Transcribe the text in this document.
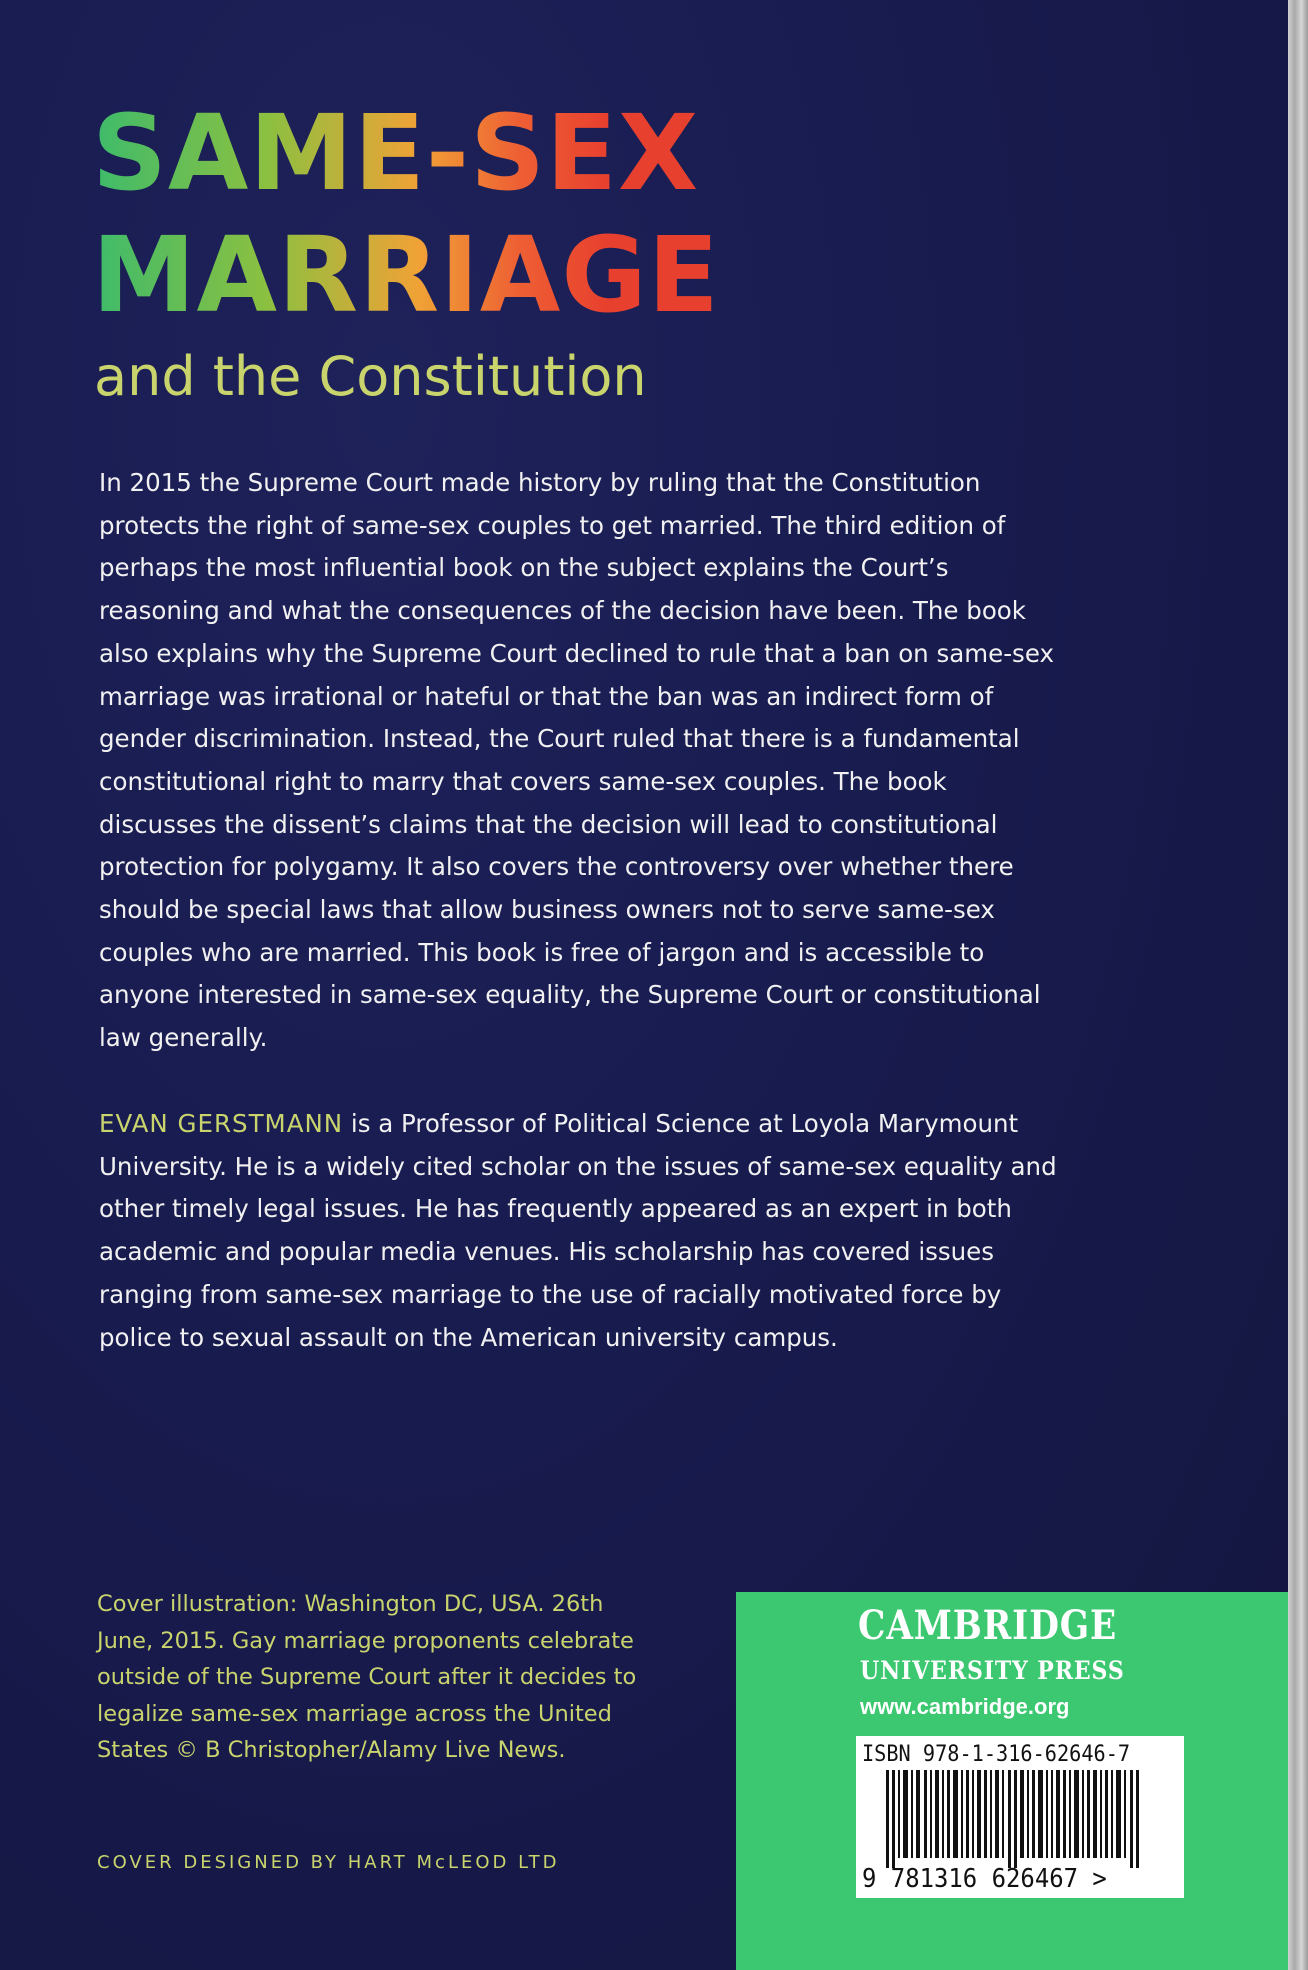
SAME-SEX
MARRIAGE
and the Constitution

In 2015 the Supreme Court made history by ruling that the Constitution protects the right of same-sex couples to get married. The third edition of perhaps the most influential book on the subject explains the Court’s reasoning and what the consequences of the decision have been. The book also explains why the Supreme Court declined to rule that a ban on same-sex marriage was irrational or hateful or that the ban was an indirect form of gender discrimination. Instead, the Court ruled that there is a fundamental constitutional right to marry that covers same-sex couples. The book discusses the dissent’s claims that the decision will lead to constitutional protection for polygamy. It also covers the controversy over whether there should be special laws that allow business owners not to serve same-sex couples who are married. This book is free of jargon and is accessible to anyone interested in same-sex equality, the Supreme Court or constitutional law generally.

EVAN GERSTMANN is a Professor of Political Science at Loyola Marymount University. He is a widely cited scholar on the issues of same-sex equality and other timely legal issues. He has frequently appeared as an expert in both academic and popular media venues. His scholarship has covered issues ranging from same-sex marriage to the use of racially motivated force by police to sexual assault on the American university campus.

Cover illustration: Washington DC, USA. 26th June, 2015. Gay marriage proponents celebrate outside of the Supreme Court after it decides to legalize same-sex marriage across the United States © B Christopher/Alamy Live News.

COVER DESIGNED BY HART McLEOD LTD

CAMBRIDGE
UNIVERSITY PRESS
www.cambridge.org
ISBN 978-1-316-62646-7
9 781316 626467 >
